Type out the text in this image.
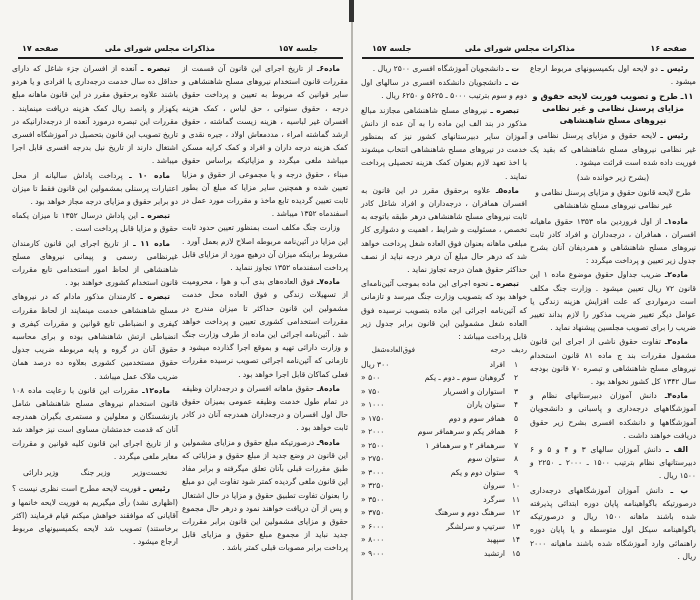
صفحه ۱۶
مذاکرات مجلس شورای ملی
جلسه ۱۵۷
جلسه ۱۵۷
مذاکرات مجلس شورای ملی
صفحه ۱۷

رئیس ـ دو لایحه اول بکمیسیونهای مربوط ارجاع میشود .

۱۱ـ طرح و تصویب فوریت لایحه حقوق و مزایای پرسنل نظامی و غیر نظامی نیروهای مسلح شاهنشاهی

رئیس ـ لایحه حقوق و مزایای پرسنل نظامی و غیر نظامی نیروهای مسلح شاهنشاهی که بقید یک فوریت داده شده است قرائت میشود .

(بشرح زیر خوانده شد)

طرح لایحه قانون حقوق و مزایای پرسنل نظامی و غیر نظامی نیروهای مسلح شاهنشاهی

ماده۱ـ از اول فروردین ماه ۱۳۵۳ حقوق ماهیانه افسران ، همافران ، درجه‌داران و افراد کادر ثابت نیروهای مسلح شاهنشاهی و همردیفان آنان بشرح جدول زیر تعیین و پرداخت میگردد :

ماده۲ـ ضریب جداول حقوق موضوع ماده ۱ این قانون ۷۲ ریال تعیین میشود . وزارت جنگ مکلف است درمواردی که علت افزایش هزینه زندگی یا عوامل دیگر تغییر ضریب مذکور را لازم بداند تغییر ضریب را برای تصویب مجلسین پیشنهاد نماید .

ماده۳ـ تفاوت حقوق ناشی از اجرای این قانون مشمول مقررات بند ج ماده ۸۱ قانون استخدام نیروهای مسلح شاهنشاهی و تبصره ۷۰ قانون بودجه سال ۱۳۴۲ کل کشور نخواهد بود .

ماده۴ـ دانش آموزان دبیرستانهای نظام و آموزشگاههای درجه‌داری و پاسبانی و دانشجویان آموزشگاهها و دانشکده افسری بشرح زیر حقوق دریافت خواهند داشت .

الف ـ دانش آموزان سالهای ۳ و ۴ و ۵ و ۶ دبیرستانهای نظام بترتیب ۱۵۰۰ ـ ۲۰۰۰ ـ ۲۲۵۰ و ۱۵۰۰ ریال .

ب ـ دانش آموزان آموزشگاههای درجه‌داری درصورتیکه باگواهینامه پایان دوره ابتدائی پذیرفته شده باشند ماهانه ۱۵۰۰ ریال و درصورتیکه باگواهینامه سیکل اول متوسطه و یا پایان دوره راهنمائی وارد آموزشگاه شده باشند ماهیانه ۲۰۰۰ ریال .

ت ـ دانشجویان آموزشگاه افسری ۲۵۰۰ ریال .

ث ـ دانشجویان دانشکده افسری در سالهای اول دوم و سوم بترتیب ۵۰۰۰ ـ ۵۶۲۵ و ۶۲۵۰ ریال .

تبصره ـ نیروهای مسلح شاهنشاهی مجازند مبالغ مذکور در بند الف این ماده را به آن عده از دانش آموزان سایر دبیرستانهای کشور نیز که بمنظور خدمت در نیروهای مسلح شاهنشاهی انتخاب میشوند با اخذ تعهد لازم بعنوان کمک هزینه تحصیلی پرداخت نمایند .

ماده۵ـ علاوه برحقوق مقرر در این قانون به افسران همافران ، درجه‌داران و افراد شاغل کادر ثابت نیروهای مسلح شاهنشاهی درهر طبقه باتوجه به تخصص ، مسئولیت و شرایط ، اهمیت و دشواری کار مبلغی ماهانه بعنوان فوق العاده شغل پرداخت خواهد شد که درهر حال مبلغ آن درهر درجه نباید از نصف حداکثر حقوق همان درجه تجاوز نماید .

تبصره ـ نحوه اجرای این ماده بموجب آئین‌نامه‌ای خواهد بود که بتصویب وزارت جنگ میرسد و تازمانی که آئین‌نامه اجرائی این ماده بتصویب نرسیده فوق العاده شغل مشمولین این قانون برابر جدول زیر قابل پرداخت میباشد :

ردیف	درجه	فوق‌العاده‌شغل
۱	افراد	۳۰۰ ریال
۲	گروهبان سوم ـ دوم ـ یکم	۵۰۰ «
۳	استواران و افسریار	۷۵۰ «
۴	ستوان یاران	۱۰۰۰ «
۵	همافر سوم و دوم	۱۷۵۰ «
۶	همافر یکم و سرهمافر سوم	۲۰۰۰ «
۷	سرهمافر ۲ و سرهمافر ۱	۲۵۰۰ «
۸	ستوان سوم	۲۷۵۰ «
۹	ستوان دوم و یکم	۳۰۰۰ «
۱۰	سروان	۳۲۵۰ «
۱۱	سرگرد	۳۵۰۰ «
۱۲	سرهنگ دوم و سرهنگ	۳۷۵۰ «
۱۳	سرتیپ و سرلشگر	۶۰۰۰ «
۱۴	سپهبد	۸۰۰۰ «
۱۵	ارتشبد	۹۰۰۰ «

ماده۶ـ از تاریخ اجرای این قانون آن قسمت از مقررات قانون استخدام نیروهای مسلح شاهنشاهی و سایر قوانین که مربوط به تعیین و پرداخت حقوق درجه ، حقوق سنواتی ، حق لباس ، کمک هزینه افسران غیر لباسیه ، هزینه زیست گماشته ، حقوق ارشد گماشته امراء ، مددمعاش اولاد ، جیره نقدی و کمک هزینه درجه داران و افراد و کمک کرایه مسکن میباشد ملغی میگردد و مزایائیکه براساس حقوق مبناء ، حقوق درجه و یا مجموعی از حقوق و مزایا تعیین شده و همچنین سایر مزایا که مبلغ آن بطور ثابت تعیین گردیده تابع ماخذ و مقررات مورد عمل در اسفندماه ۱۳۵۲ میباشد .

وزارت جنگ مکلف است بمنظور تعیین حدود ثابت این مزایا در آئین‌نامه مربوطه اصلاح لازم بعمل آورد . مشروط براینکه میزان آن درهیچ مورد از مزایای قابل پرداخت اسفندماه ۱۳۵۲ تجاوز ننماید .

ماده۷ـ فوق العاده‌های بدی آب و هوا ، محرومیت از تسهیلات زندگی و فوق العاده محل خدمت مشمولین این قانون حداکثر تا میزان مندرج در مقررات استخدامی کشوری تعیین و پرداخت خواهد شد . آئین‌نامه اجرائی این ماده از طرف وزارت جنگ و وزارت دارائی تهیه و بموقع اجرا گذارده میشود و تازمانی که آئین‌نامه اجرائی تصویب نرسیده مقررات فعلی کماکان قابل اجرا خواهد بود .

ماده۸ـ حقوق ماهانه افسران و درجه‌داران وظیفه در تمام طول خدمت وظیفه عمومی بمیزان حقوق حال اول افسران و درجه‌داران همدرجه آنان در کادر ثابت خواهد بود .

ماده۹ـ درصورتیکه مبلغ حقوق و مزایای مشمولین این قانون در وضع جدید از مبلغ حقوق و مزایائی که طبق مقررات قبلی بآنان تعلق میگرفته و برابر مفاد این قانون ملغی گردیده کمتر شود تفاوت این دو مبلغ را بعنوان تفاوت تطبیق حقوق و مزایا در حال اشتغال و پس از آن دریافت خواهند نمود و درهر حال مجموع حقوق و مزایای مشمولین این قانون برابر مقررات جدید نباید از مجموع مبلغ حقوق و مزایای قابل پرداخت برابر مصوبات قبلی کمتر باشد .

تبصره ـ آنعده از افسران جزء شاغل که دارای حداقل ده سال خدمت درجه‌داری یا افرادی و یا هردو باشند علاوه برحقوق مقرر در این قانون ماهانه مبلغ یکهزار و پانصد ریال کمک هزینه دریافت مینمایند . مقررات این تبصره درمورد آنعده از درجه‌دارانیکه در تاریخ تصویب این قانون بتحصیل در آموزشگاه افسری اشتغال دارند از تاریخ نیل بدرجه افسری قابل اجرا میباشد .

ماده ۱۰ ـ پرداخت پاداش سالیانه از محل اعتبارات پرسنلی بمشمولین این قانون فقط تا میزان دو برابر حقوق و مزایای درجه مجاز خواهد بود .

تبصره ـ این پاداش درسال ۱۳۵۲ تا میزان یکماه حقوق و مزایا قابل پرداخت است .

ماده ۱۱ ـ از تاریخ اجرای این قانون کارمندان غیرنظامی رسمی و پیمانی نیروهای مسلح شاهنشاهی از لحاظ امور استخدامی تابع مقررات قانون استخدام کشوری خواهند بود .

تبصره ـ کارمندان مذکور مادام که در نیروهای مسلح شاهنشاهی خدمت مینمایند از لحاظ مقررات کیفری و انضباطی تابع قوانین و مقررات کیفری و انضباطی ارتش شاهنشاهی بوده و برای محاسبه حقوق آنان در گروه و پایه مربوطه ضریب جدول حقوق مستخدمین کشوری بعلاوه ده درصد همان ضریب ملاک عمل میباشد .

ماده۱۲ـ مقررات این قانون با رعایت ماده ۱۰۸ قانون استخدام نیروهای مسلح شاهنشاهی شامل بازنشستگان و معلولین و مستمری بگیران همدرجه آنان که قدمت خدمتشان مساوی است نیز خواهد شد و از تاریخ اجرای این قانون کلیه قوانین و مقررات مغایر ملغی میگردد .

نخست‌وزیر
وزیر جنگ
وزیر دارائی

رئیس ـ فوریت لایحه مطرح است نظری نیست ؟ (اظهاری نشد) رأی میگیریم به فوریت لایحه خانمها و آقایانی که موافقند خواهش میکنم قیام فرمایند (اکثر برخاستند) تصویب شد لایحه بکمیسیونهای مربوط ارجاع میشود .
